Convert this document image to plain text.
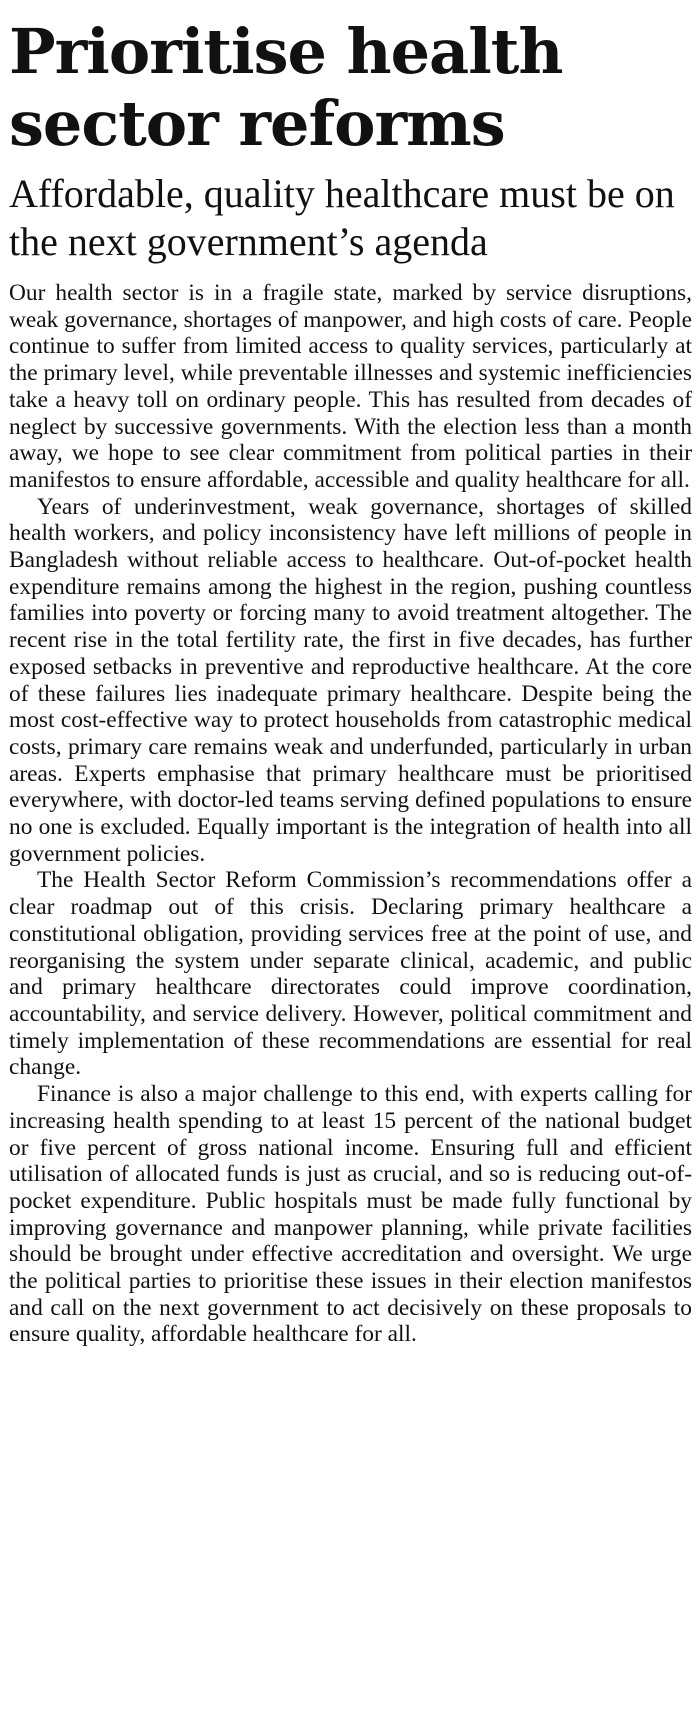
Prioritise health sector reforms
Affordable, quality healthcare must be on the next government’s agenda

Our health sector is in a fragile state, marked by service disruptions, weak governance, shortages of manpower, and high costs of care. People continue to suffer from limited access to quality services, particularly at the primary level, while preventable illnesses and systemic inefficiencies take a heavy toll on ordinary people. This has resulted from decades of neglect by successive governments. With the election less than a month away, we hope to see clear commitment from political parties in their manifestos to ensure affordable, accessible and quality healthcare for all.

Years of underinvestment, weak governance, shortages of skilled health workers, and policy inconsistency have left millions of people in Bangladesh without reliable access to healthcare. Out-of-pocket health expenditure remains among the highest in the region, pushing countless families into poverty or forcing many to avoid treatment altogether. The recent rise in the total fertility rate, the first in five decades, has further exposed setbacks in preventive and reproductive healthcare. At the core of these failures lies inadequate primary healthcare. Despite being the most cost-effective way to protect households from catastrophic medical costs, primary care remains weak and underfunded, particularly in urban areas. Experts emphasise that primary healthcare must be prioritised everywhere, with doctor-led teams serving defined populations to ensure no one is excluded. Equally important is the integration of health into all government policies.

The Health Sector Reform Commission’s recommendations offer a clear roadmap out of this crisis. Declaring primary healthcare a constitutional obligation, providing services free at the point of use, and reorganising the system under separate clinical, academic, and public and primary healthcare directorates could improve coordination, accountability, and service delivery. However, political commitment and timely implementation of these recommendations are essential for real change.

Finance is also a major challenge to this end, with experts calling for increasing health spending to at least 15 percent of the national budget or five percent of gross national income. Ensuring full and efficient utilisation of allocated funds is just as crucial, and so is reducing out-of-pocket expenditure. Public hospitals must be made fully functional by improving governance and manpower planning, while private facilities should be brought under effective accreditation and oversight. We urge the political parties to prioritise these issues in their election manifestos and call on the next government to act decisively on these proposals to ensure quality, affordable healthcare for all.
